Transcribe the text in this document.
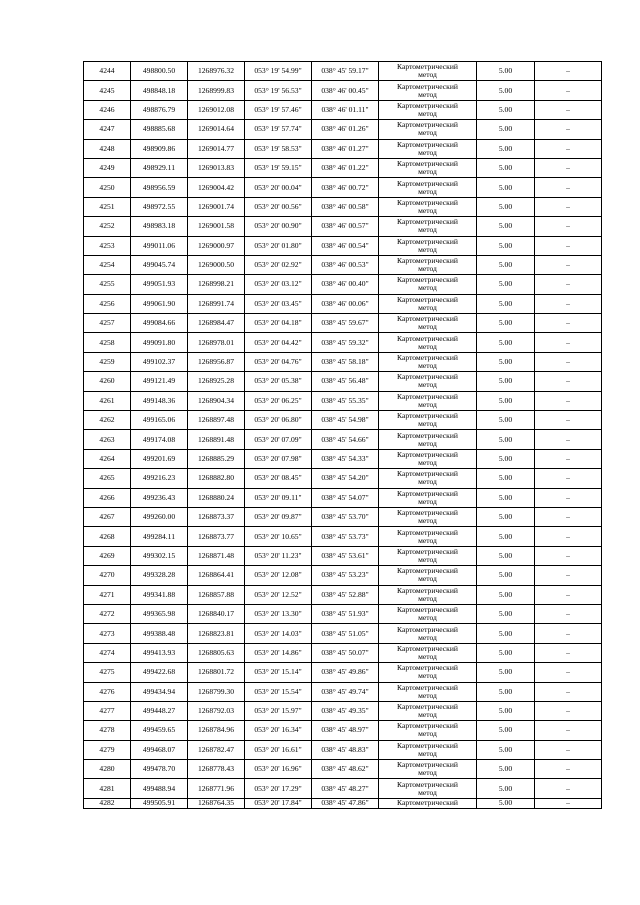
4244	498800.50	1268976.32	053° 19' 54.99"	038° 45' 59.17"	Картометрический
метод	5.00	–
4245	498848.18	1268999.83	053° 19' 56.53"	038° 46' 00.45"	Картометрический
метод	5.00	–
4246	498876.79	1269012.08	053° 19' 57.46"	038° 46' 01.11"	Картометрический
метод	5.00	–
4247	498885.68	1269014.64	053° 19' 57.74"	038° 46' 01.26"	Картометрический
метод	5.00	–
4248	498909.86	1269014.77	053° 19' 58.53"	038° 46' 01.27"	Картометрический
метод	5.00	–
4249	498929.11	1269013.83	053° 19' 59.15"	038° 46' 01.22"	Картометрический
метод	5.00	–
4250	498956.59	1269004.42	053° 20' 00.04"	038° 46' 00.72"	Картометрический
метод	5.00	–
4251	498972.55	1269001.74	053° 20' 00.56"	038° 46' 00.58"	Картометрический
метод	5.00	–
4252	498983.18	1269001.58	053° 20' 00.90"	038° 46' 00.57"	Картометрический
метод	5.00	–
4253	499011.06	1269000.97	053° 20' 01.80"	038° 46' 00.54"	Картометрический
метод	5.00	–
4254	499045.74	1269000.50	053° 20' 02.92"	038° 46' 00.53"	Картометрический
метод	5.00	–
4255	499051.93	1268998.21	053° 20' 03.12"	038° 46' 00.40"	Картометрический
метод	5.00	–
4256	499061.90	1268991.74	053° 20' 03.45"	038° 46' 00.06"	Картометрический
метод	5.00	–
4257	499084.66	1268984.47	053° 20' 04.18"	038° 45' 59.67"	Картометрический
метод	5.00	–
4258	499091.80	1268978.01	053° 20' 04.42"	038° 45' 59.32"	Картометрический
метод	5.00	–
4259	499102.37	1268956.87	053° 20' 04.76"	038° 45' 58.18"	Картометрический
метод	5.00	–
4260	499121.49	1268925.28	053° 20' 05.38"	038° 45' 56.48"	Картометрический
метод	5.00	–
4261	499148.36	1268904.34	053° 20' 06.25"	038° 45' 55.35"	Картометрический
метод	5.00	–
4262	499165.06	1268897.48	053° 20' 06.80"	038° 45' 54.98"	Картометрический
метод	5.00	–
4263	499174.08	1268891.48	053° 20' 07.09"	038° 45' 54.66"	Картометрический
метод	5.00	–
4264	499201.69	1268885.29	053° 20' 07.98"	038° 45' 54.33"	Картометрический
метод	5.00	–
4265	499216.23	1268882.80	053° 20' 08.45"	038° 45' 54.20"	Картометрический
метод	5.00	–
4266	499236.43	1268880.24	053° 20' 09.11"	038° 45' 54.07"	Картометрический
метод	5.00	–
4267	499260.00	1268873.37	053° 20' 09.87"	038° 45' 53.70"	Картометрический
метод	5.00	–
4268	499284.11	1268873.77	053° 20' 10.65"	038° 45' 53.73"	Картометрический
метод	5.00	–
4269	499302.15	1268871.48	053° 20' 11.23"	038° 45' 53.61"	Картометрический
метод	5.00	–
4270	499328.28	1268864.41	053° 20' 12.08"	038° 45' 53.23"	Картометрический
метод	5.00	–
4271	499341.88	1268857.88	053° 20' 12.52"	038° 45' 52.88"	Картометрический
метод	5.00	–
4272	499365.98	1268840.17	053° 20' 13.30"	038° 45' 51.93"	Картометрический
метод	5.00	–
4273	499388.48	1268823.81	053° 20' 14.03"	038° 45' 51.05"	Картометрический
метод	5.00	–
4274	499413.93	1268805.63	053° 20' 14.86"	038° 45' 50.07"	Картометрический
метод	5.00	–
4275	499422.68	1268801.72	053° 20' 15.14"	038° 45' 49.86"	Картометрический
метод	5.00	–
4276	499434.94	1268799.30	053° 20' 15.54"	038° 45' 49.74"	Картометрический
метод	5.00	–
4277	499448.27	1268792.03	053° 20' 15.97"	038° 45' 49.35"	Картометрический
метод	5.00	–
4278	499459.65	1268784.96	053° 20' 16.34"	038° 45' 48.97"	Картометрический
метод	5.00	–
4279	499468.07	1268782.47	053° 20' 16.61"	038° 45' 48.83"	Картометрический
метод	5.00	–
4280	499478.70	1268778.43	053° 20' 16.96"	038° 45' 48.62"	Картометрический
метод	5.00	–
4281	499488.94	1268771.96	053° 20' 17.29"	038° 45' 48.27"	Картометрический
метод	5.00	–
4282	499505.91	1268764.35	053° 20' 17.84"	038° 45' 47.86"	Картометрический	5.00	–
